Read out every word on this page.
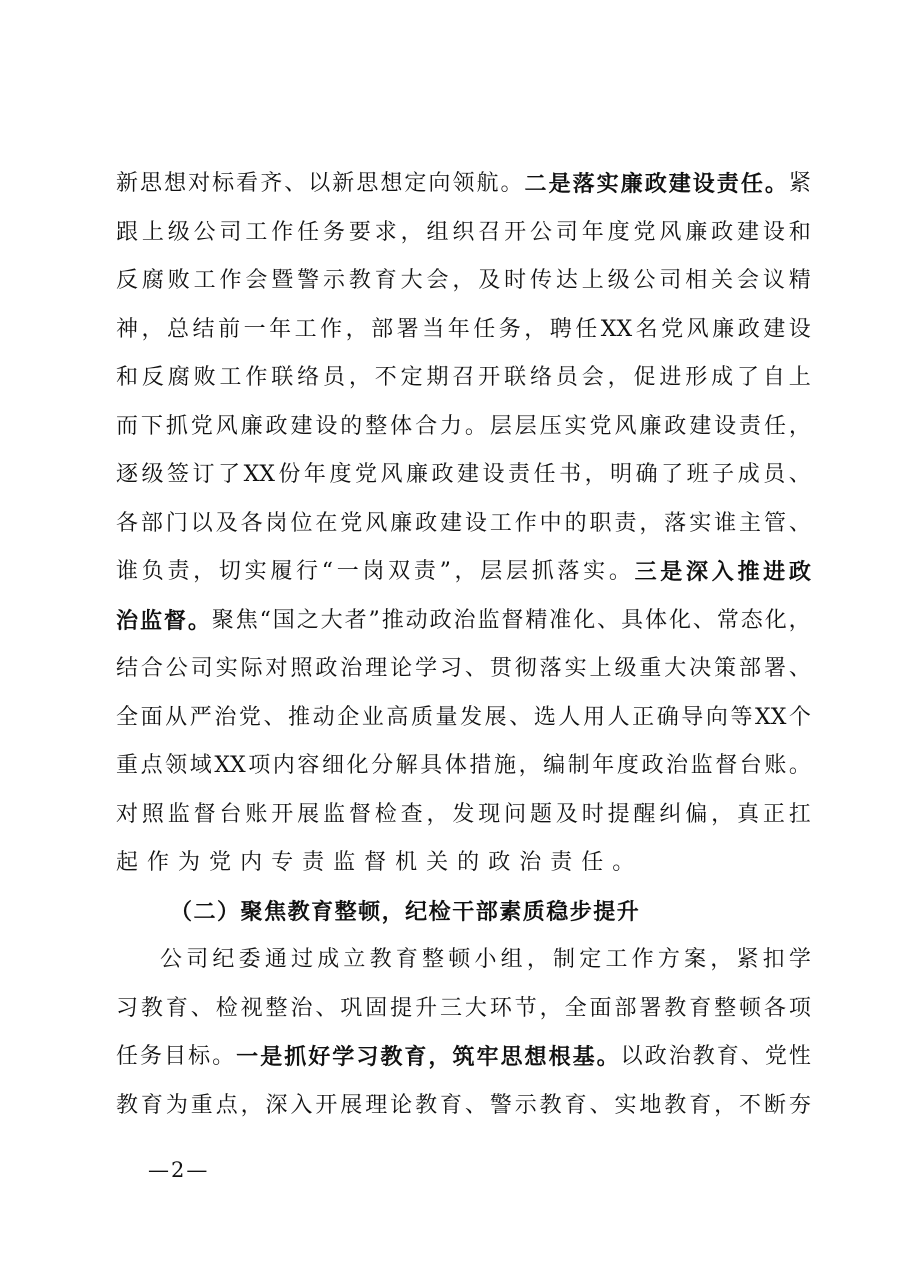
新 思 想 对 标 看 齐 、 以 新 思 想 定 向 领 航 。 二 是 落 实 廉 政 建 设 责 任 。 紧
跟 上 级 公 司 工 作 任 务 要 求 ， 组 织 召 开 公 司 年 度 党 风 廉 政 建 设 和
反 腐 败 工 作 会 暨 警 示 教 育 大 会 ， 及 时 传 达 上 级 公 司 相 关 会 议 精
神 ， 总 结 前 一 年 工 作 ， 部 署 当 年 任 务 ， 聘 任 XX 名 党 风 廉 政 建 设
和 反 腐 败 工 作 联 络 员 ， 不 定 期 召 开 联 络 员 会 ， 促 进 形 成 了 自 上
而 下 抓 党 风 廉 政 建 设 的 整 体 合 力 。 层 层 压 实 党 风 廉 政 建 设 责 任 ，
逐 级 签 订 了 XX 份 年 度 党 风 廉 政 建 设 责 任 书 ， 明 确 了 班 子 成 员 、
各 部 门 以 及 各 岗 位 在 党 风 廉 政 建 设 工 作 中 的 职 责 ， 落 实 谁 主 管 、
谁 负 责 ， 切 实 履 行 “ 一 岗 双 责 ” ， 层 层 抓 落 实 。 三 是 深 入 推 进 政
治 监 督 。 聚 焦 “ 国 之 大 者 ” 推 动 政 治 监 督 精 准 化 、 具 体 化 、 常 态 化 ，
结 合 公 司 实 际 对 照 政 治 理 论 学 习 、 贯 彻 落 实 上 级 重 大 决 策 部 署 、
全 面 从 严 治 党 、 推 动 企 业 高 质 量 发 展 、 选 人 用 人 正 确 导 向 等 XX 个
重 点 领 域 XX 项 内 容 细 化 分 解 具 体 措 施 ， 编 制 年 度 政 治 监 督 台 账 。
对 照 监 督 台 账 开 展 监 督 检 查 ， 发 现 问 题 及 时 提 醒 纠 偏 ， 真 正 扛
起 作 为 党 内 专 责 监 督 机 关 的 政 治 责 任 。
（ 二 ） 聚 焦 教 育 整 顿 ， 纪 检 干 部 素 质 稳 步 提 升
公 司 纪 委 通 过 成 立 教 育 整 顿 小 组 ， 制 定 工 作 方 案 ， 紧 扣 学
习 教 育 、 检 视 整 治 、 巩 固 提 升 三 大 环 节 ， 全 面 部 署 教 育 整 顿 各 项
任 务 目 标 。 一 是 抓 好 学 习 教 育 ， 筑 牢 思 想 根 基 。 以 政 治 教 育 、 党 性
教 育 为 重 点 ， 深 入 开 展 理 论 教 育 、 警 示 教 育 、 实 地 教 育 ， 不 断 夯
—2—
